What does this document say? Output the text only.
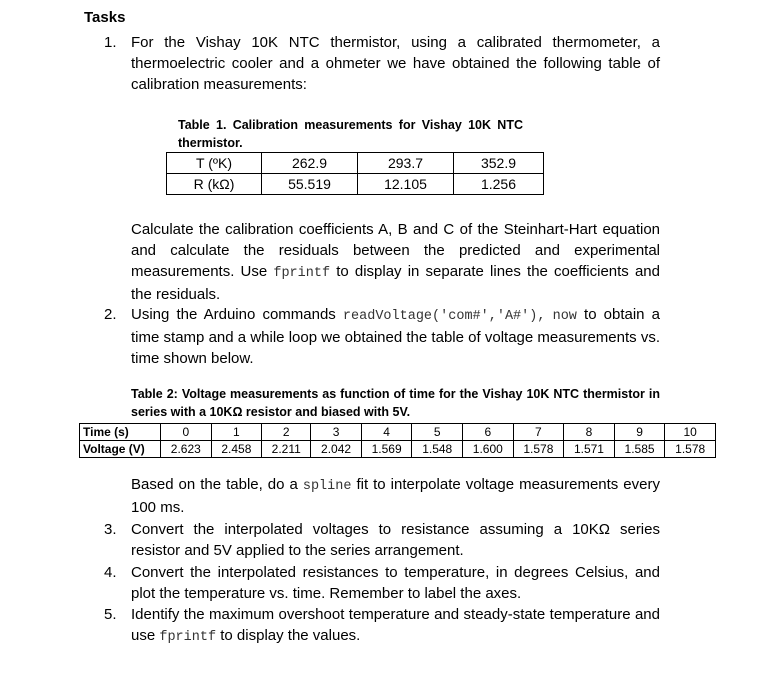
Tasks
1. For the Vishay 10K NTC thermistor, using a calibrated thermometer, a thermoelectric cooler and a ohmeter we have obtained the following table of calibration measurements:
Table 1. Calibration measurements for Vishay 10K NTC thermistor.
T (ºK)	262.9	293.7	352.9
R (kΩ)	55.519	12.105	1.256
Calculate the calibration coefficients A, B and C of the Steinhart-Hart equation and calculate the residuals between the predicted and experimental measurements. Use fprintf to display in separate lines the coefficients and the residuals.
2. Using the Arduino commands readVoltage('com#','A#'), now to obtain a time stamp and a while loop we obtained the table of voltage measurements vs. time shown below.
Table 2: Voltage measurements as function of time for the Vishay 10K NTC thermistor in series with a 10KΩ resistor and biased with 5V.
Time (s)	0	1	2	3	4	5	6	7	8	9	10
Voltage (V)	2.623	2.458	2.211	2.042	1.569	1.548	1.600	1.578	1.571	1.585	1.578
Based on the table, do a spline fit to interpolate voltage measurements every 100 ms.
3. Convert the interpolated voltages to resistance assuming a 10KΩ series resistor and 5V applied to the series arrangement.
4. Convert the interpolated resistances to temperature, in degrees Celsius, and plot the temperature vs. time. Remember to label the axes.
5. Identify the maximum overshoot temperature and steady-state temperature and use fprintf to display the values.
